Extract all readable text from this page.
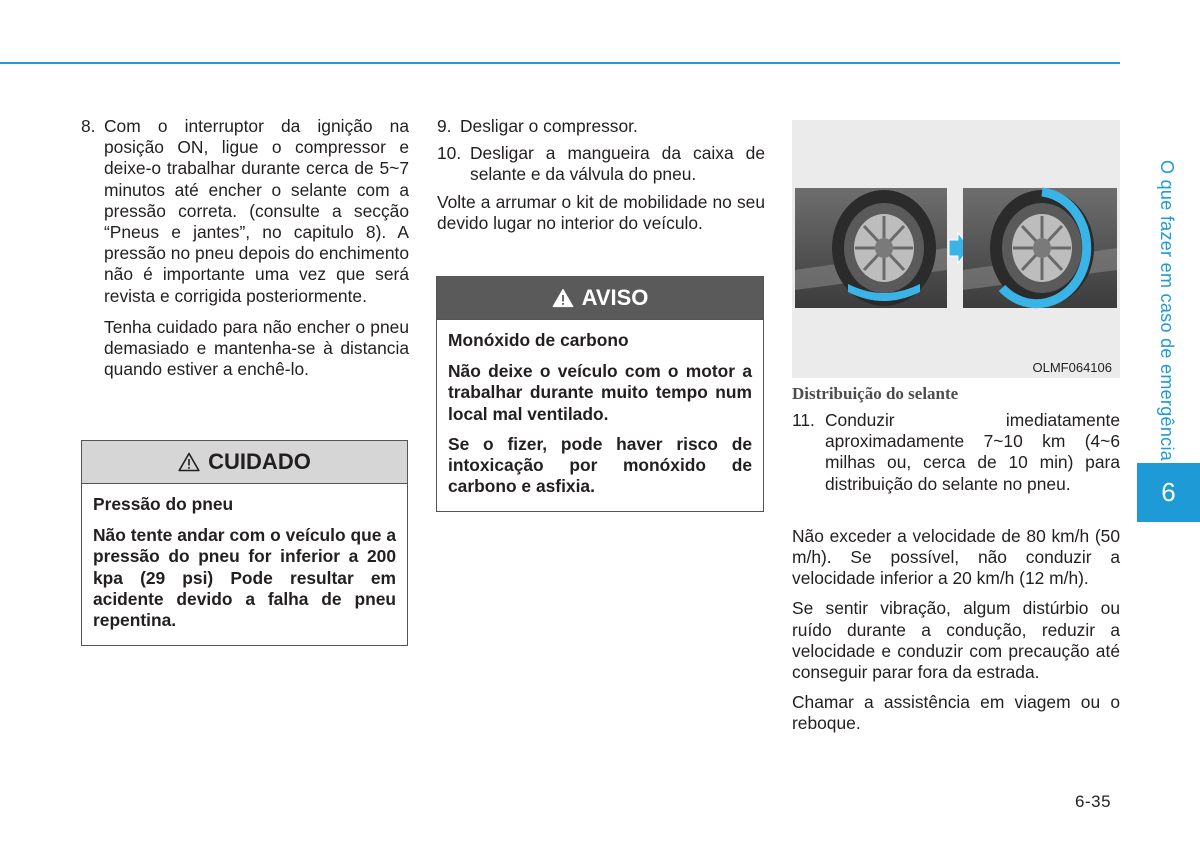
8. Com o interruptor da ignição na posição ON, ligue o compressor e deixe-o trabalhar durante cerca de 5~7 minutos até encher o selante com a pressão correta. (consulte a secção “Pneus e jantes”, no capitulo 8). A pressão no pneu depois do enchimento não é importante uma vez que será revista e corrigida posteriormente.
Tenha cuidado para não encher o pneu demasiado e mantenha-se à distancia quando estiver a enchê-lo.
CUIDADO
Pressão do pneu

Não tente andar com o veículo que a pressão do pneu for inferior a 200 kpa (29 psi) Pode resultar em acidente devido a falha de pneu repentina.

9. Desligar o compressor.
10. Desligar a mangueira da caixa de selante e da válvula do pneu.

Volte a arrumar o kit de mobilidade no seu devido lugar no interior do veículo.

AVISO
Monóxido de carbono

Não deixe o veículo com o motor a trabalhar durante muito tempo num local mal ventilado.

Se o fizer, pode haver risco de intoxicação por monóxido de carbono e asfixia.

OLMF064106
Distribuição do selante
11. Conduzir imediatamente aproximadamente 7~10 km (4~6 milhas ou, cerca de 10 min) para distribuição do selante no pneu.

Não exceder a velocidade de 80 km/h (50 m/h). Se possível, não conduzir a velocidade inferior a 20 km/h (12 m/h).

Se sentir vibração, algum distúrbio ou ruído durante a condução, reduzir a velocidade e conduzir com precaução até conseguir parar fora da estrada.

Chamar a assistência em viagem ou o reboque.

O que fazer em caso de emergência
6
6-35
